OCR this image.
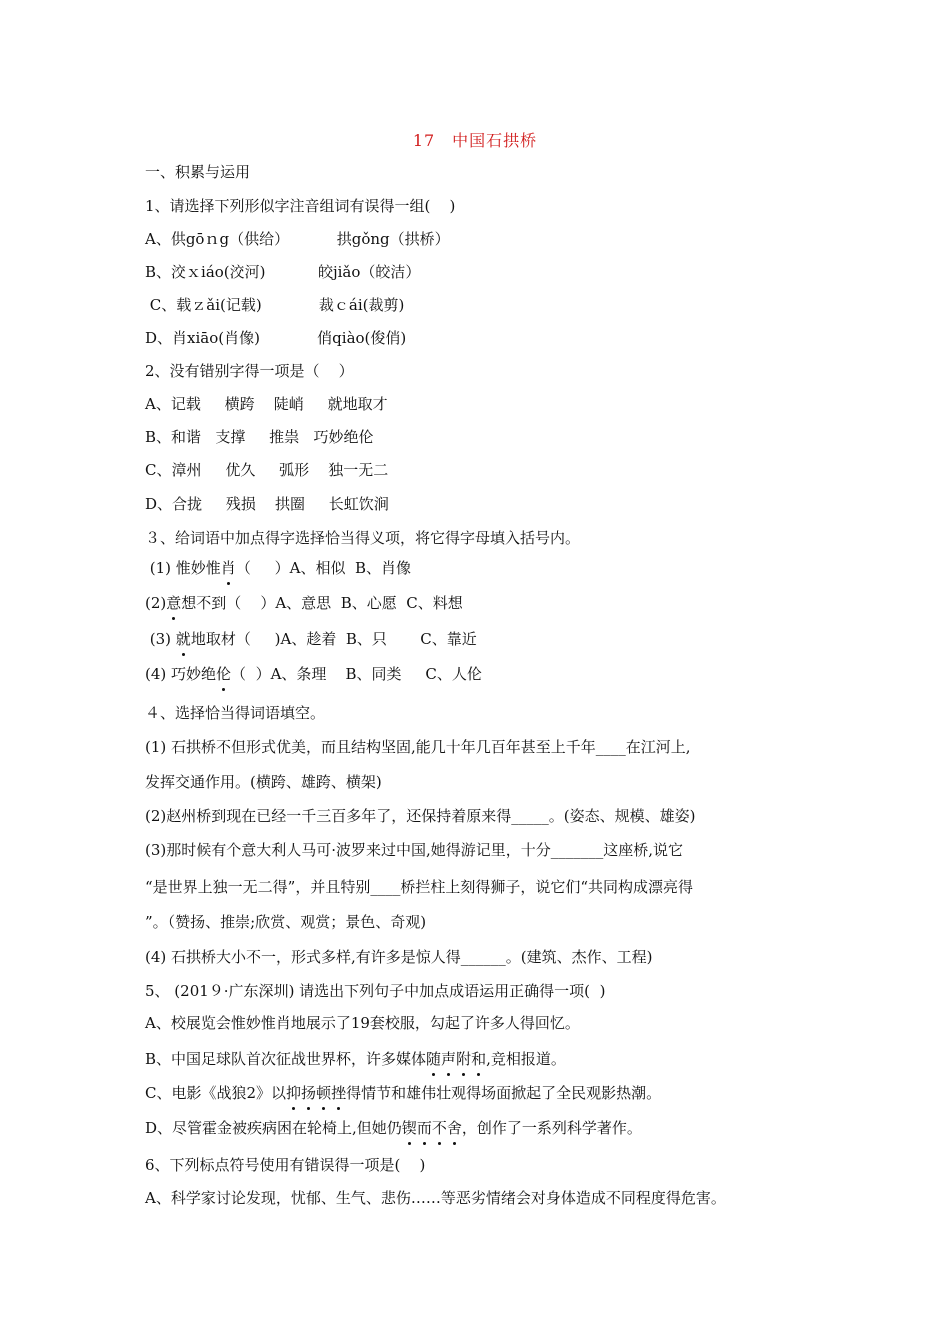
17　中国石拱桥
一、积累与运用
1、请选择下列形似字注音组词有误得一组(    )
A、供gōｎg（供给）          拱gǒng（拱桥）
B、洨ｘiáo(洨河)           皎jiǎo（皎洁）
C、载ｚǎi(记载)            裁ｃái(裁剪)
D、肖xiāo(肖像)            俏qiào(俊俏)
2、没有错别字得一项是（    ）
A、记载     横跨    陡峭     就地取才
B、和谐   支撑     推祟   巧妙绝伦
C、漳州     优久     弧形    独一无二
D、合拢     残损    拱圈     长虹饮涧
３、给词语中加点得字选择恰当得义项，将它得字母填入括号内。
(1) 惟妙惟肖（     ）A、相似  B、肖像
(2)意想不到（    ）A、意思  B、心愿  C、料想
(3) 就地取材（     )A、趁着  B、只       C、靠近
(4) 巧妙绝伦（  ）A、条理    B、同类     C、人伦
４、选择恰当得词语填空。
(1) 石拱桥不但形式优美，而且结构坚固,能几十年几百年甚至上千年____在江河上,
发挥交通作用。(横跨、雄跨、横架)
(2)赵州桥到现在已经一千三百多年了，还保持着原来得_____。(姿态、规模、雄姿)
(3)那时候有个意大利人马可·波罗来过中国,她得游记里，十分_______这座桥,说它
“是世界上独一无二得”，并且特别____桥拦柱上刻得狮子，说它们“共同构成漂亮得
”。（赞扬、推崇;欣赏、观赏；景色、奇观)
(4) 石拱桥大小不一，形式多样,有许多是惊人得______。(建筑、杰作、工程)
5、 (201９·广东深圳) 请选出下列句子中加点成语运用正确得一项(  )
A、校展览会惟妙惟肖地展示了19套校服，勾起了许多人得回忆。
B、中国足球队首次征战世界杯，许多媒体随声附和,竞相报道。
C、电影《战狼2》以抑扬顿挫得情节和雄伟壮观得场面掀起了全民观影热潮。
D、尽管霍金被疾病困在轮椅上,但她仍锲而不舍，创作了一系列科学著作。
6、下列标点符号使用有错误得一项是(    )
A、科学家讨论发现，忧郁、生气、悲伤……等恶劣情绪会对身体造成不同程度得危害。
